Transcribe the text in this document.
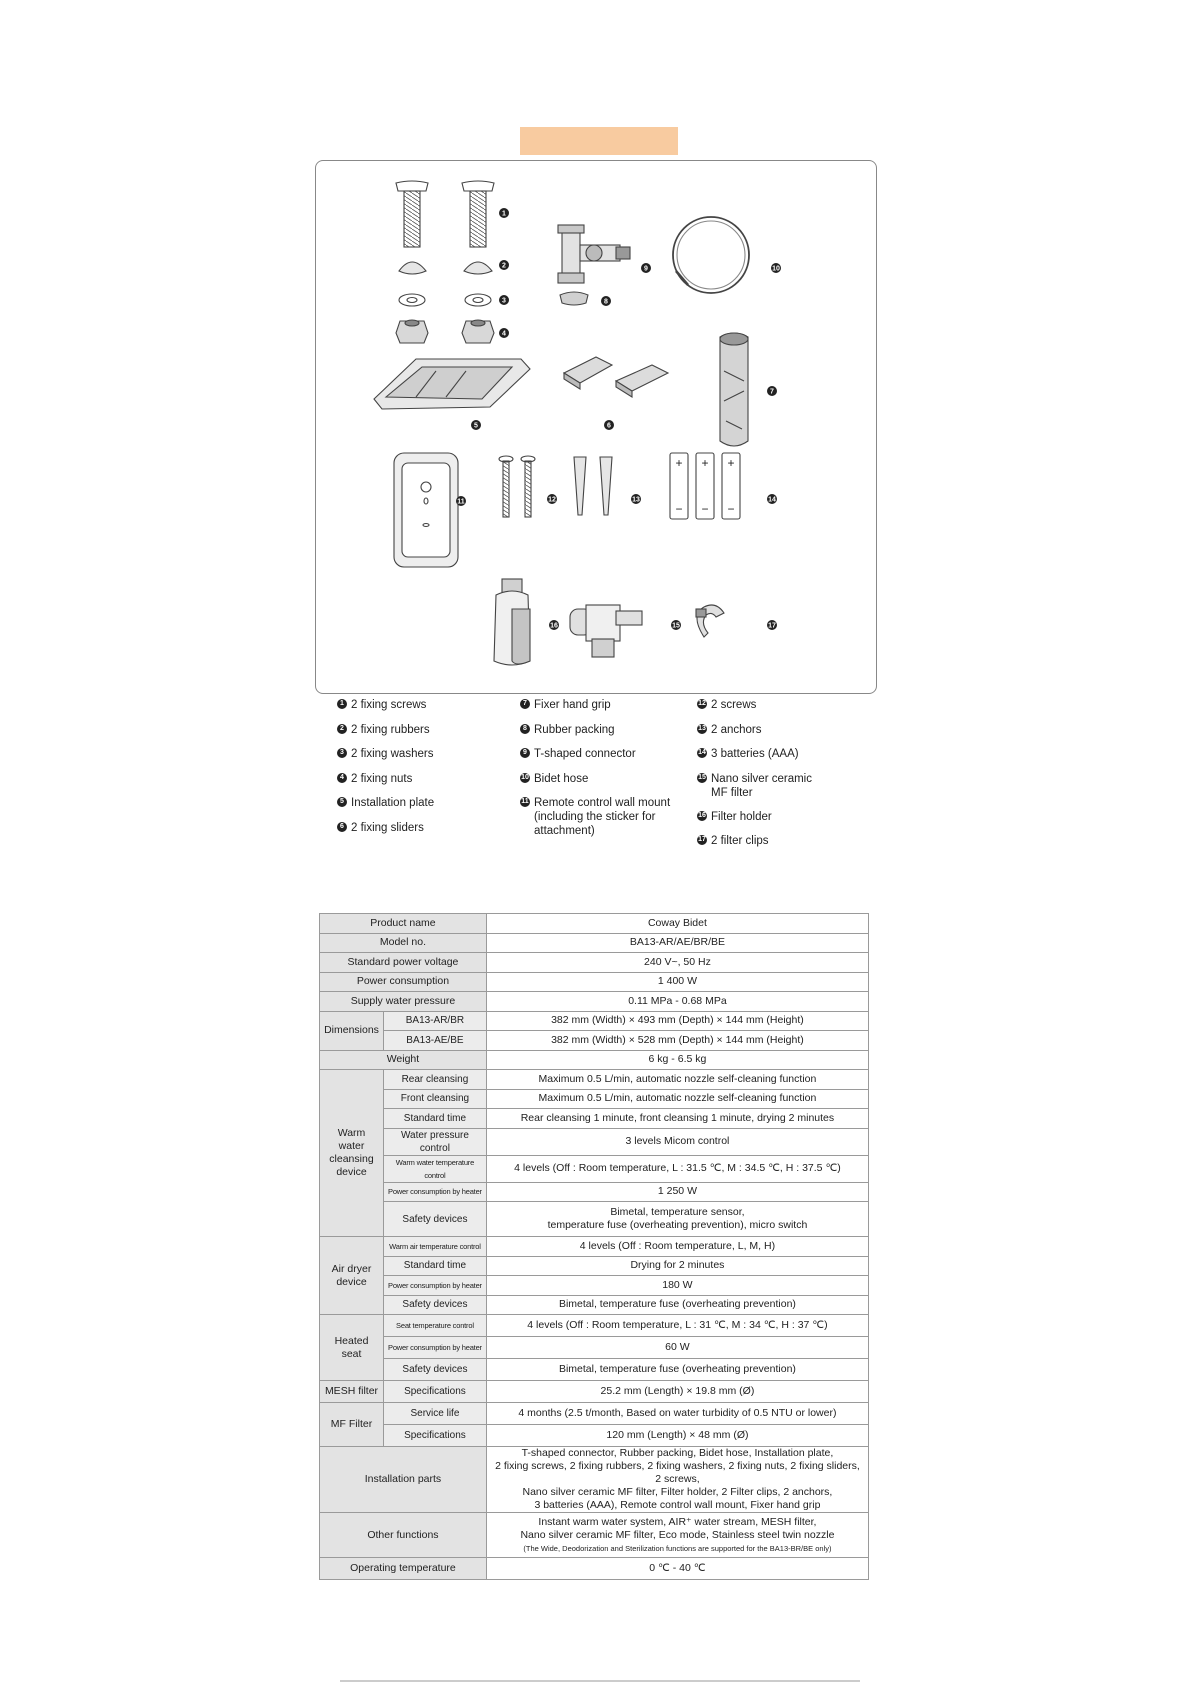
+ + +
− − −
1
2
3
4
5	6
7
8
9	10
11	12	13	14
15
16	17
1 2 fixing screws
2 2 fixing rubbers
3 2 fixing washers
4 2 fixing nuts
5 Installation plate
6 2 fixing sliders
7 Fixer hand grip
8 Rubber packing
9 T-shaped connector
10 Bidet hose
11 Remote control wall mount (including the sticker for attachment)
12 2 screws
13 2 anchors
14 3 batteries (AAA)
15 Nano silver ceramic MF filter
16 Filter holder
17 2 filter clips
Product name		Coway Bidet
Model no.		BA13-AR/AE/BR/BE
Standard power voltage		240 V~, 50 Hz
Power consumption		1 400 W
Supply water pressure		0.11 MPa - 0.68 MPa
Dimensions	BA13-AR/BR	382 mm (Width) × 493 mm (Depth) × 144 mm (Height)
	BA13-AE/BE	382 mm (Width) × 528 mm (Depth) × 144 mm (Height)
Weight		6 kg - 6.5 kg
Warm water cleansing device	Rear cleansing	Maximum 0.5 L/min, automatic nozzle self-cleaning function
	Front cleansing	Maximum 0.5 L/min, automatic nozzle self-cleaning function
	Standard time	Rear cleansing 1 minute, front cleansing 1 minute, drying 2 minutes
	Water pressure control	3 levels Micom control
	Warm water temperature control	4 levels (Off : Room temperature, L : 31.5 ℃, M : 34.5 ℃, H : 37.5 ℃)
	Power consumption by heater	1 250 W
	Safety devices	Bimetal, temperature sensor,
temperature fuse (overheating prevention), micro switch

Air dryer device	Warm air temperature control	4 levels (Off : Room temperature, L, M, H)
	Standard time	Drying for 2 minutes
	Power consumption by heater	180 W
	Safety devices	Bimetal, temperature fuse (overheating prevention)
Heated seat	Seat temperature control	4 levels (Off : Room temperature, L : 31 ℃, M : 34 ℃, H : 37 ℃)
	Power consumption by heater	60 W
	Safety devices	Bimetal, temperature fuse (overheating prevention)
MESH filter	Specifications	25.2 mm (Length) × 19.8 mm (Ø)
MF Filter	Service life	4 months (2.5 t/month, Based on water turbidity of 0.5 NTU or lower)
	Specifications	120 mm (Length) × 48 mm (Ø)
Installation parts		T-shaped connector, Rubber packing, Bidet hose, Installation plate,
2 fixing screws, 2 fixing rubbers, 2 fixing washers, 2 fixing nuts, 2 fixing sliders, 2 screws,
Nano silver ceramic MF filter, Filter holder, 2 Filter clips, 2 anchors,
3 batteries (AAA), Remote control wall mount, Fixer hand grip

Other functions		Instant warm water system, AIR⁺ water stream, MESH filter,
Nano silver ceramic MF filter, Eco mode, Stainless steel twin nozzle
(The Wide, Deodorization and Sterilization functions are supported for the BA13-BR/BE only)

Operating temperature		0 ℃ - 40 ℃
